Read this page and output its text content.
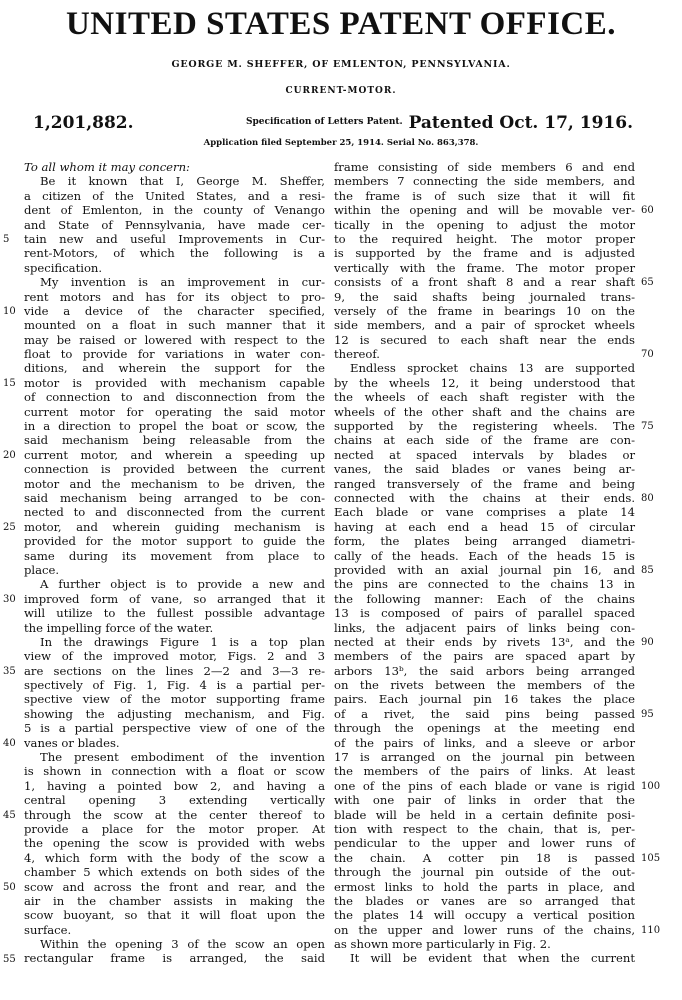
UNITED STATES PATENT OFFICE.

GEORGE M. SHEFFER, OF EMLENTON, PENNSYLVANIA.

CURRENT-MOTOR.

1,201,882.	Specification of Letters Patent. Patented Oct. 17, 1916.
Application filed September 25, 1914. Serial No. 863,378.
To all whom it may concern:
Be it known that I, George M. Sheffer,
a citizen of the United States, and a resi-
dent of Emlenton, in the county of Venango
and State of Pennsylvania, have made cer-
tain new and useful Improvements in Cur-
rent-Motors, of which the following is a
specification.
My invention is an improvement in cur-
rent motors and has for its object to pro-
vide a device of the character specified,
mounted on a float in such manner that it
may be raised or lowered with respect to the
float to provide for variations in water con-
ditions, and wherein the support for the
motor is provided with mechanism capable
of connection to and disconnection from the
current motor for operating the said motor
in a direction to propel the boat or scow, the
said mechanism being releasable from the
current motor, and wherein a speeding up
connection is provided between the current
motor and the mechanism to be driven, the
said mechanism being arranged to be con-
nected to and disconnected from the current
motor, and wherein guiding mechanism is
provided for the motor support to guide the
same during its movement from place to
place.
A further object is to provide a new and
improved form of vane, so arranged that it
will utilize to the fullest possible advantage
the impelling force of the water.
In the drawings Figure 1 is a top plan
view of the improved motor, Figs. 2 and 3
are sections on the lines 2—2 and 3—3 re-
spectively of Fig. 1, Fig. 4 is a partial per-
spective view of the motor supporting frame
showing the adjusting mechanism, and Fig.
5 is a partial perspective view of one of the
vanes or blades.
The present embodiment of the invention
is shown in connection with a float or scow
1, having a pointed bow 2, and having a
central opening 3 extending vertically
through the scow at the center thereof to
provide a place for the motor proper. At
the opening the scow is provided with webs
4, which form with the body of the scow a
chamber 5 which extends on both sides of the
scow and across the front and rear, and the
air in the chamber assists in making the
scow buoyant, so that it will float upon the
surface.
Within the opening 3 of the scow an open
rectangular frame is arranged, the said
frame consisting of side members 6 and end
members 7 connecting the side members, and
the frame is of such size that it will fit
within the opening and will be movable ver-
tically in the opening to adjust the motor
to the required height. The motor proper
is supported by the frame and is adjusted
vertically with the frame. The motor proper
consists of a front shaft 8 and a rear shaft
9, the said shafts being journaled trans-
versely of the frame in bearings 10 on the
side members, and a pair of sprocket wheels
12 is secured to each shaft near the ends
thereof.
Endless sprocket chains 13 are supported
by the wheels 12, it being understood that
the wheels of each shaft register with the
wheels of the other shaft and the chains are
supported by the registering wheels. The
chains at each side of the frame are con-
nected at spaced intervals by blades or
vanes, the said blades or vanes being ar-
ranged transversely of the frame and being
connected with the chains at their ends.
Each blade or vane comprises a plate 14
having at each end a head 15 of circular
form, the plates being arranged diametri-
cally of the heads. Each of the heads 15 is
provided with an axial journal pin 16, and
the pins are connected to the chains 13 in
the following manner: Each of the chains
13 is composed of pairs of parallel spaced
links, the adjacent pairs of links being con-
nected at their ends by rivets 13ᵃ, and the
members of the pairs are spaced apart by
arbors 13ᵇ, the said arbors being arranged
on the rivets between the members of the
pairs. Each journal pin 16 takes the place
of a rivet, the said pins being passed
through the openings at the meeting end
of the pairs of links, and a sleeve or arbor
17 is arranged on the journal pin between
the members of the pairs of links. At least
one of the pins of each blade or vane is rigid
with one pair of links in order that the
blade will be held in a certain definite posi-
tion with respect to the chain, that is, per-
pendicular to the upper and lower runs of
the chain. A cotter pin 18 is passed
through the journal pin outside of the out-
ermost links to hold the parts in place, and
the blades or vanes are so arranged that
the plates 14 will occupy a vertical position
on the upper and lower runs of the chains,
as shown more particularly in Fig. 2.
It will be evident that when the current
5
10
15
20
25
30
35
40
45
50
55
60
65
70
75
80
85
90
95
100
105
110
